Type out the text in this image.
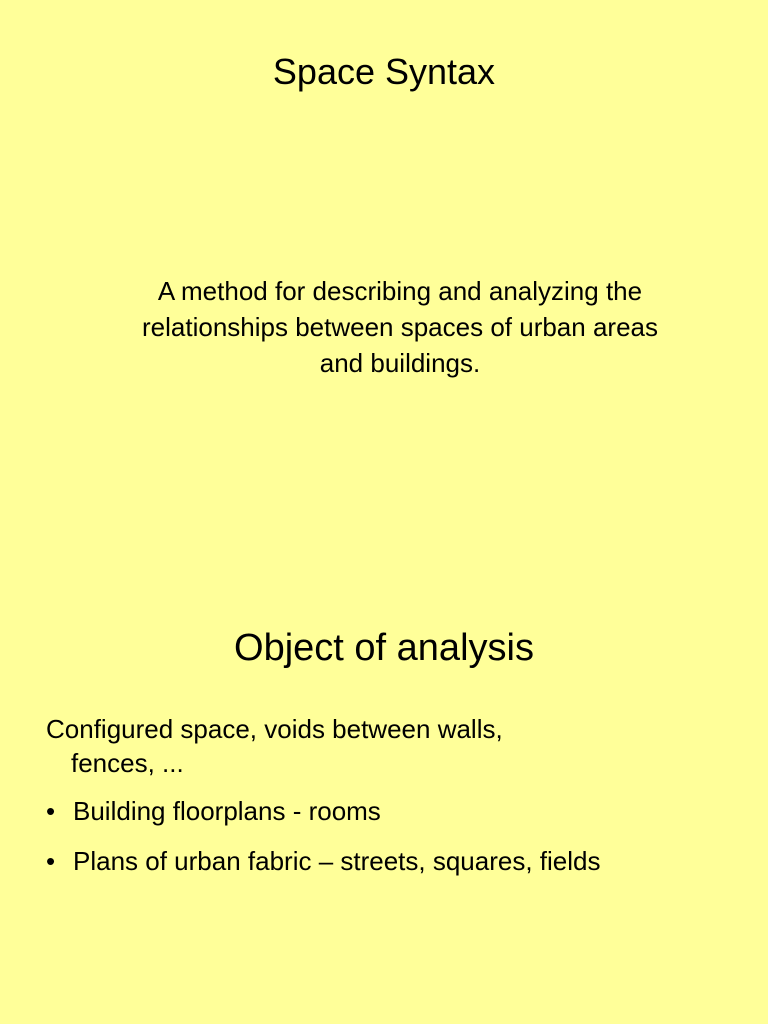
Space Syntax

A method for describing and analyzing the
relationships between spaces of urban areas
and buildings.

Object of analysis
Configured space, voids between walls,
fences, ...
• Building floorplans - rooms
• Plans of urban fabric – streets, squares, fields
